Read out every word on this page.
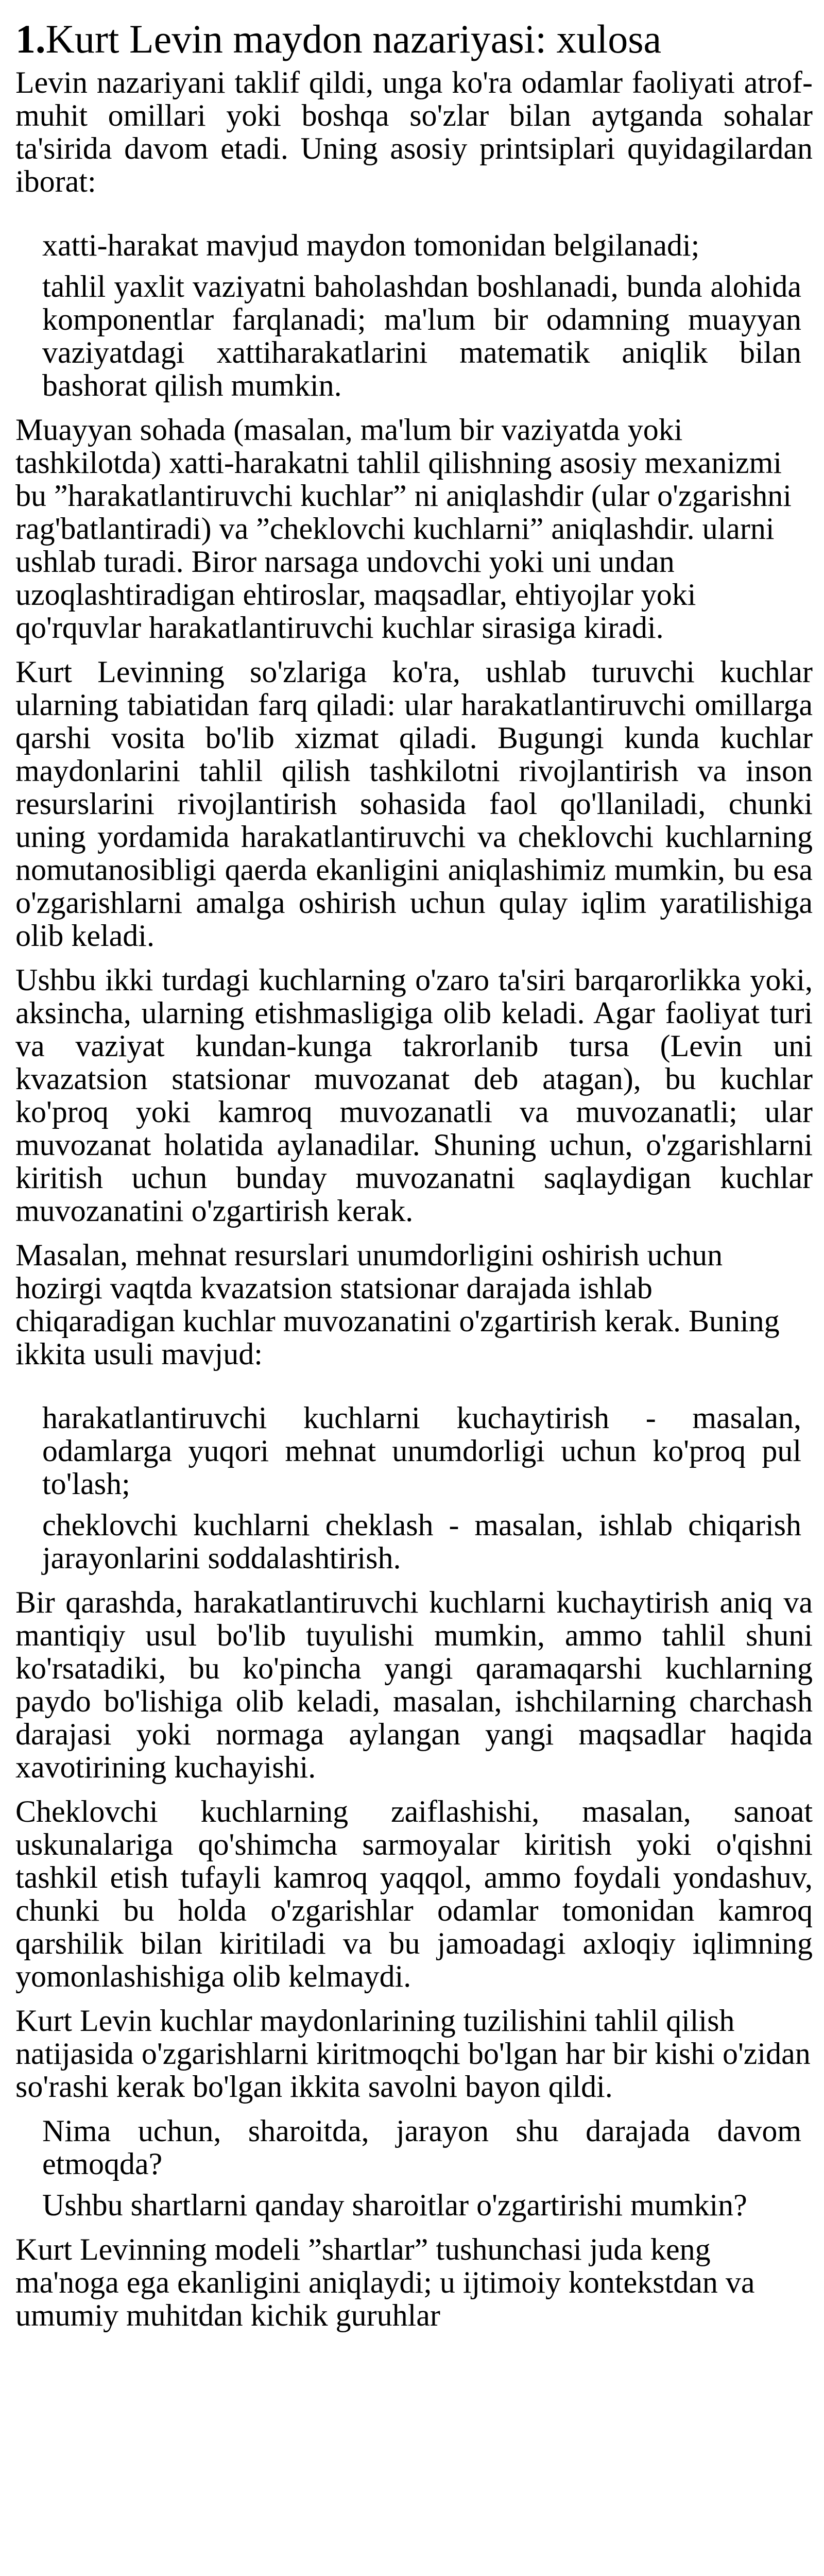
1.Kurt Levin maydon nazariyasi: xulosa

Levin nazariyani taklif qildi, unga ko'ra odamlar faoliyati atrof-muhit omillari yoki boshqa so'zlar bilan aytganda sohalar ta'sirida davom etadi. Uning asosiy printsiplari quyidagilardan iborat:

xatti-harakat mavjud maydon tomonidan belgilanadi;
tahlil yaxlit vaziyatni baholashdan boshlanadi, bunda alohida komponentlar farqlanadi; ma'lum bir odamning muayyan vaziyatdagi xattiharakatlarini matematik aniqlik bilan bashorat qilish mumkin.

Muayyan sohada (masalan, ma'lum bir vaziyatda yoki tashkilotda) xatti-harakatni tahlil qilishning asosiy mexanizmi bu ”harakatlantiruvchi kuchlar” ni aniqlashdir (ular o'zgarishni rag'batlantiradi) va ”cheklovchi kuchlarni” aniqlashdir. ularni ushlab turadi. Biror narsaga undovchi yoki uni undan uzoqlashtiradigan ehtiroslar, maqsadlar, ehtiyojlar yoki qo'rquvlar harakatlantiruvchi kuchlar sirasiga kiradi.

Kurt Levinning so'zlariga ko'ra, ushlab turuvchi kuchlar ularning tabiatidan farq qiladi: ular harakatlantiruvchi omillarga qarshi vosita bo'lib xizmat qiladi. Bugungi kunda kuchlar maydonlarini tahlil qilish tashkilotni rivojlantirish va inson resurslarini rivojlantirish sohasida faol qo'llaniladi, chunki uning yordamida harakatlantiruvchi va cheklovchi kuchlarning nomutanosibligi qaerda ekanligini aniqlashimiz mumkin, bu esa o'zgarishlarni amalga oshirish uchun qulay iqlim yaratilishiga olib keladi.

Ushbu ikki turdagi kuchlarning o'zaro ta'siri barqarorlikka yoki, aksincha, ularning etishmasligiga olib keladi. Agar faoliyat turi va vaziyat kundan-kunga takrorlanib tursa (Levin uni kvazatsion statsionar muvozanat deb atagan), bu kuchlar ko'proq yoki kamroq muvozanatli va muvozanatli; ular muvozanat holatida aylanadilar. Shuning uchun, o'zgarishlarni kiritish uchun bunday muvozanatni saqlaydigan kuchlar muvozanatini o'zgartirish kerak.

Masalan, mehnat resurslari unumdorligini oshirish uchun hozirgi vaqtda kvazatsion statsionar darajada ishlab chiqaradigan kuchlar muvozanatini o'zgartirish kerak. Buning ikkita usuli mavjud:

harakatlantiruvchi kuchlarni kuchaytirish - masalan, odamlarga yuqori mehnat unumdorligi uchun ko'proq pul to'lash;
cheklovchi kuchlarni cheklash - masalan, ishlab chiqarish jarayonlarini soddalashtirish.

Bir qarashda, harakatlantiruvchi kuchlarni kuchaytirish aniq va mantiqiy usul bo'lib tuyulishi mumkin, ammo tahlil shuni ko'rsatadiki, bu ko'pincha yangi qaramaqarshi kuchlarning paydo bo'lishiga olib keladi, masalan, ishchilarning charchash darajasi yoki normaga aylangan yangi maqsadlar haqida xavotirining kuchayishi.

Cheklovchi kuchlarning zaiflashishi, masalan, sanoat uskunalariga qo'shimcha sarmoyalar kiritish yoki o'qishni tashkil etish tufayli kamroq yaqqol, ammo foydali yondashuv, chunki bu holda o'zgarishlar odamlar tomonidan kamroq qarshilik bilan kiritiladi va bu jamoadagi axloqiy iqlimning yomonlashishiga olib kelmaydi.

Kurt Levin kuchlar maydonlarining tuzilishini tahlil qilish natijasida o'zgarishlarni kiritmoqchi bo'lgan har bir kishi o'zidan so'rashi kerak bo'lgan ikkita savolni bayon qildi.

Nima uchun, sharoitda, jarayon shu darajada davom etmoqda?
Ushbu shartlarni qanday sharoitlar o'zgartirishi mumkin?

Kurt Levinning modeli ”shartlar” tushunchasi juda keng ma'noga ega ekanligini aniqlaydi; u ijtimoiy kontekstdan va umumiy muhitdan kichik guruhlar
